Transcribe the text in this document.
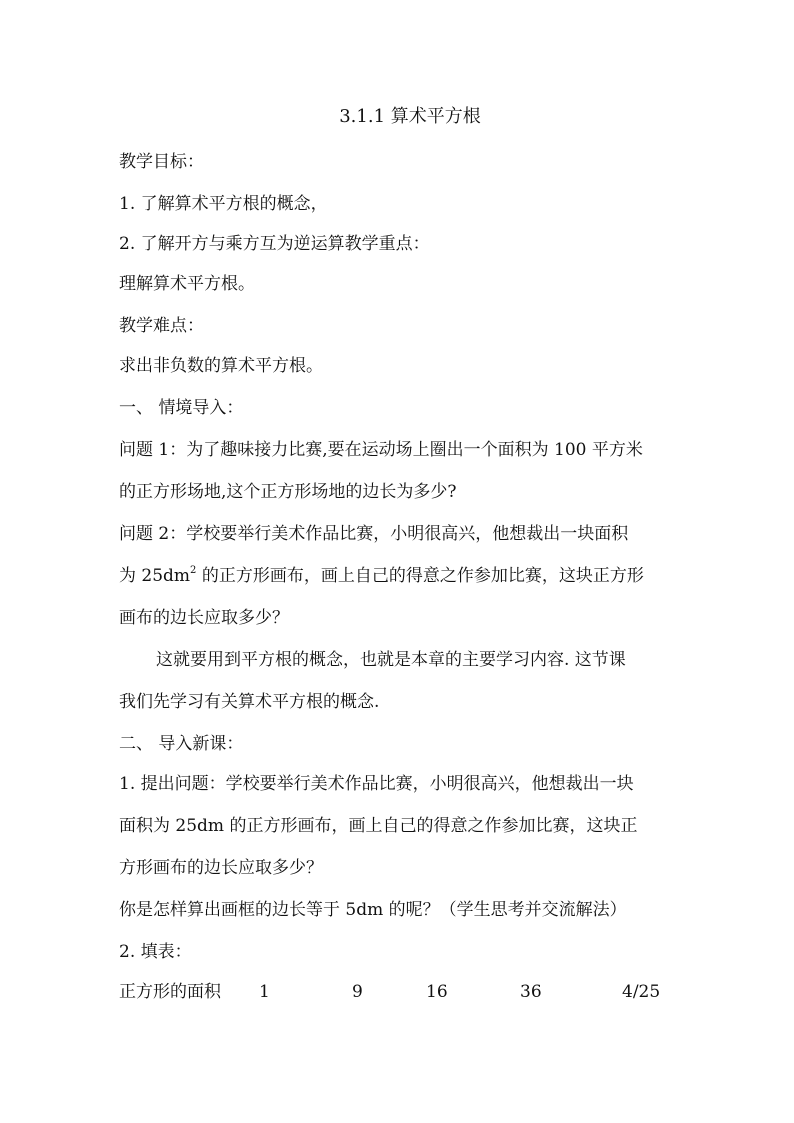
3.1.1 算术平方根
教学目标：
1. 了解算术平方根的概念，
2. 了解开方与乘方互为逆运算教学重点：
理解算术平方根。
教学难点：
求出非负数的算术平方根。
一、 情境导入：
问题 1：为了趣味接力比赛,要在运动场上圈出一个面积为 100 平方米
的正方形场地,这个正方形场地的边长为多少?
问题 2：学校要举行美术作品比赛，小明很高兴，他想裁出一块面积
为 $25dm^2$ 的正方形画布，画上自己的得意之作参加比赛，这块正方形
画布的边长应取多少？
这就要用到平方根的概念，也就是本章的主要学习内容. 这节课
我们先学习有关算术平方根的概念.
二、 导入新课：
1. 提出问题：学校要举行美术作品比赛，小明很高兴，他想裁出一块
面积为 25dm 的正方形画布，画上自己的得意之作参加比赛，这块正
方形画布的边长应取多少？
你是怎样算出画框的边长等于 5dm 的呢？（学生思考并交流解法）
2. 填表：
正方形的面积 1	9	16	36	4/25
